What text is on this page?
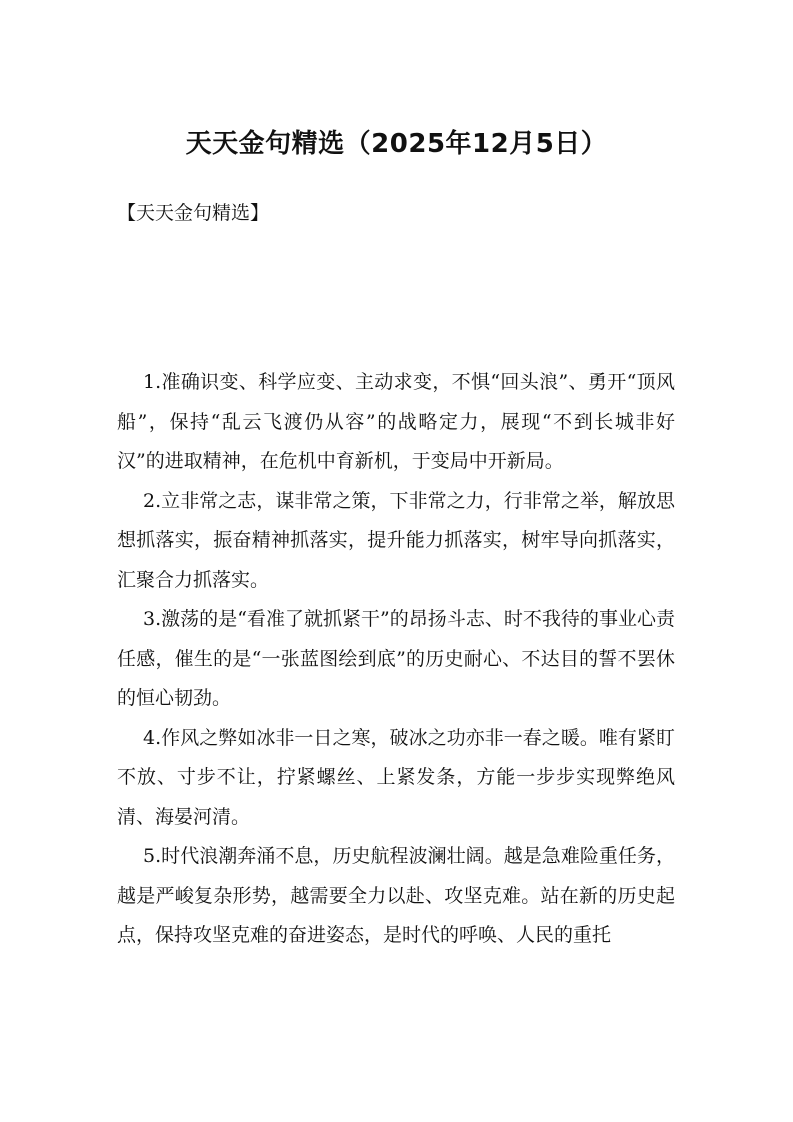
天天金句精选（2025年12月5日）
【天天金句精选】

1.准确识变、科学应变、主动求变，不惧“回头浪”、勇开“顶风船”，保持“乱云飞渡仍从容”的战略定力，展现“不到长城非好汉”的进取精神，在危机中育新机，于变局中开新局。

2.立非常之志，谋非常之策，下非常之力，行非常之举，解放思想抓落实，振奋精神抓落实，提升能力抓落实，树牢导向抓落实，汇聚合力抓落实。

3.激荡的是“看准了就抓紧干”的昂扬斗志、时不我待的事业心责任感，催生的是“一张蓝图绘到底”的历史耐心、不达目的誓不罢休的恒心韧劲。

4.作风之弊如冰非一日之寒，破冰之功亦非一春之暖。唯有紧盯不放、寸步不让，拧紧螺丝、上紧发条，方能一步步实现弊绝风清、海晏河清。

5.时代浪潮奔涌不息，历史航程波澜壮阔。越是急难险重任务，越是严峻复杂形势，越需要全力以赴、攻坚克难。站在新的历史起点，保持攻坚克难的奋进姿态，是时代的呼唤、人民的重托
